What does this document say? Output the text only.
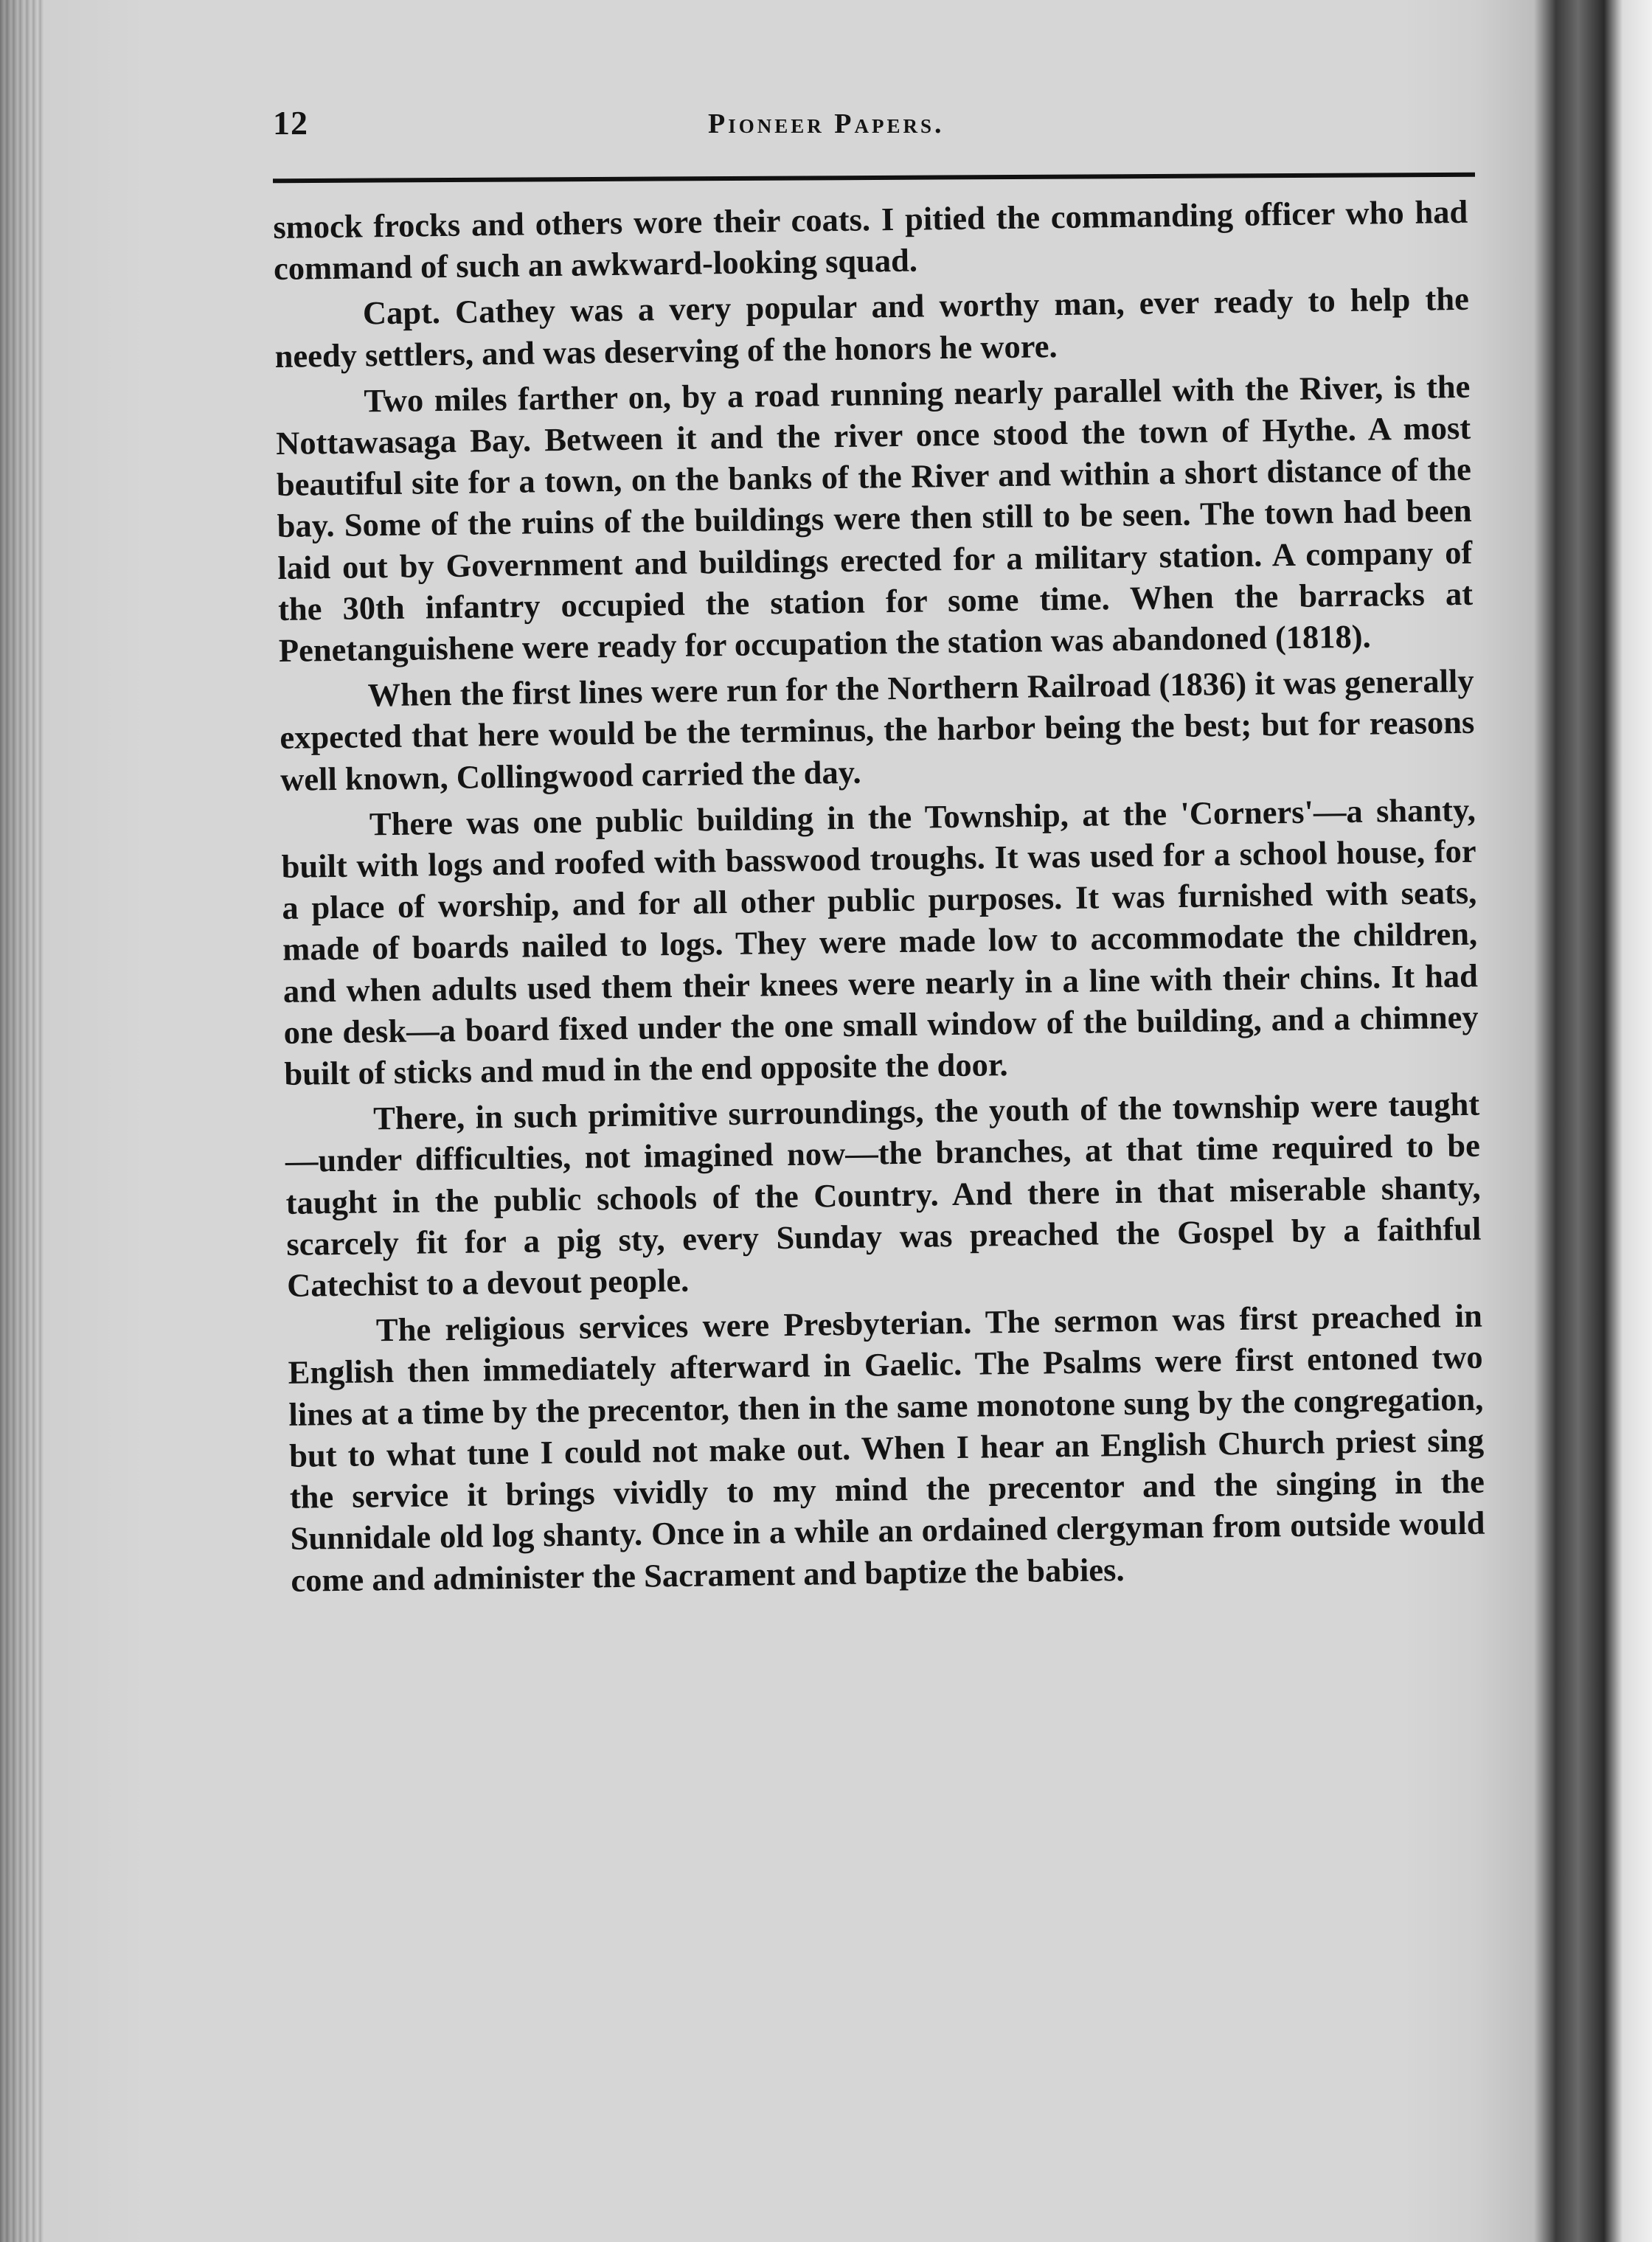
12	Pioneer Papers.

smock frocks and others wore their coats. I pitied the commanding officer who had command of such an awkward-looking squad.

Capt. Cathey was a very popular and worthy man, ever ready to help the needy settlers, and was deserving of the honors he wore.

Two miles farther on, by a road running nearly parallel with the River, is the Nottawasaga Bay. Between it and the river once stood the town of Hythe. A most beautiful site for a town, on the banks of the River and within a short distance of the bay. Some of the ruins of the buildings were then still to be seen. The town had been laid out by Government and buildings erected for a military station. A company of the 30th infantry occupied the station for some time. When the barracks at Penetanguishene were ready for occupation the station was abandoned (1818).

When the first lines were run for the Northern Railroad (1836) it was generally expected that here would be the terminus, the harbor being the best; but for reasons well known, Collingwood carried the day.

There was one public building in the Township, at the 'Corners'—a shanty, built with logs and roofed with basswood troughs. It was used for a school house, for a place of worship, and for all other public purposes. It was furnished with seats, made of boards nailed to logs. They were made low to accommodate the children, and when adults used them their knees were nearly in a line with their chins. It had one desk—a board fixed under the one small window of the building, and a chimney built of sticks and mud in the end opposite the door.

There, in such primitive surroundings, the youth of the township were taught—under difficulties, not imagined now—the branches, at that time required to be taught in the public schools of the Country. And there in that miserable shanty, scarcely fit for a pig sty, every Sunday was preached the Gospel by a faithful Catechist to a devout people.

The religious services were Presbyterian. The sermon was first preached in English then immediately afterward in Gaelic. The Psalms were first entoned two lines at a time by the precentor, then in the same monotone sung by the congregation, but to what tune I could not make out. When I hear an English Church priest sing the service it brings vividly to my mind the precentor and the singing in the Sunnidale old log shanty. Once in a while an ordained clergyman from outside would come and administer the Sacrament and baptize the babies.
